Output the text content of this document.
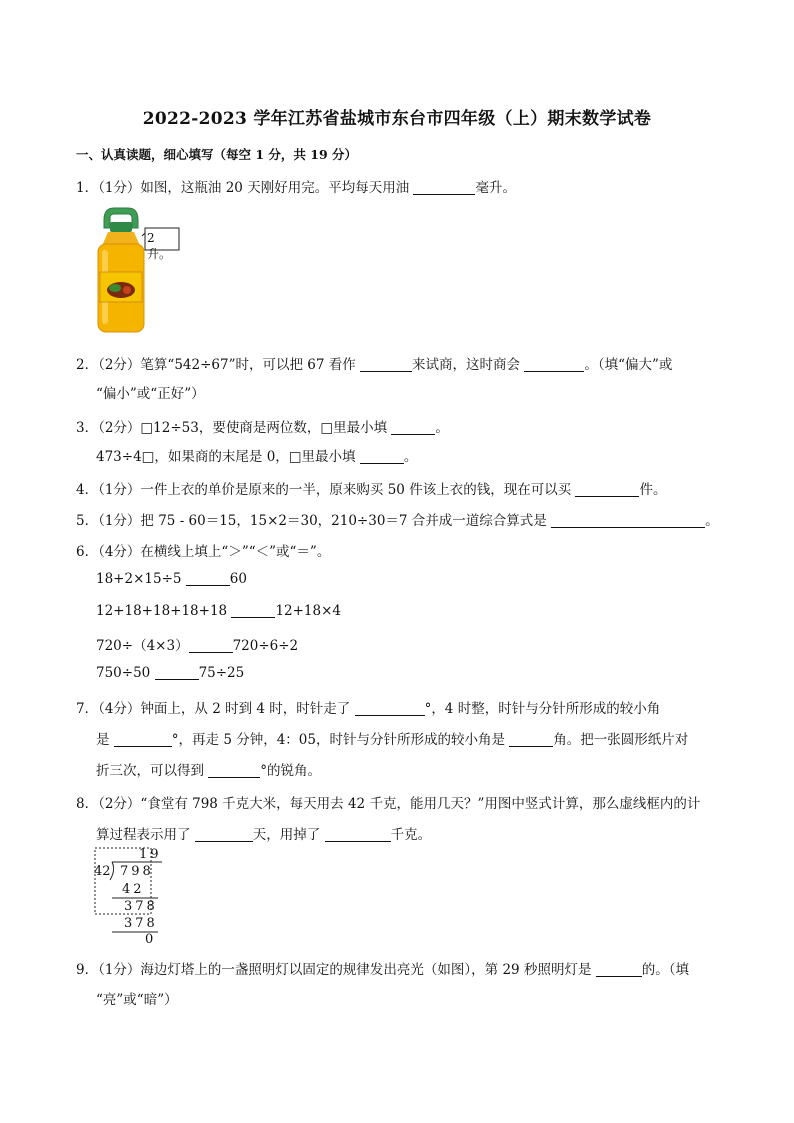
2022-2023 学年江苏省盐城市东台市四年级（上）期末数学试卷
一、认真读题，细心填写（每空 1 分，共 19 分）
1．（1分）如图，这瓶油 20 天刚好用完。平均每天用油	毫升。
2 升。
2．（2分）笔算“542÷67”时，可以把 67 看作	来试商，这时商会	。（填“偏大”或
“偏小”或“正好”）
3．（2分）□12÷53，要使商是两位数，□里最小填	。
473÷4□，如果商的末尾是 0，□里最小填	。
4．（1分）一件上衣的单价是原来的一半，原来购买 50 件该上衣的钱，现在可以买	件。
5．（1分）把 75 - 60＝15，15×2＝30，210÷30＝7 合并成一道综合算式是	。
6．（4分）在横线上填上“＞”“＜”或“＝”。
18+2×15÷5	60
12+18+18+18+18	12+18×4
720÷（4×3）	720÷6÷2
750÷50	75÷25
7．（4分）钟面上，从 2 时到 4 时，时针走了	°，4 时整，时针与分针所形成的较小角
是	°，再走 5 分钟，4：05，时针与分针所形成的较小角是	角。把一张圆形纸片对
折三次，可以得到	°的锐角。
8．（2分）“食堂有 798 千克大米，每天用去 42 千克，能用几天？”用图中竖式计算，那么虚线框内的计
算过程表示用了	天，用掉了	千克。
19
42 798
42
378
378
0
9．（1分）海边灯塔上的一盏照明灯以固定的规律发出亮光（如图），第 29 秒照明灯是	的。（填
“亮”或“暗”）
